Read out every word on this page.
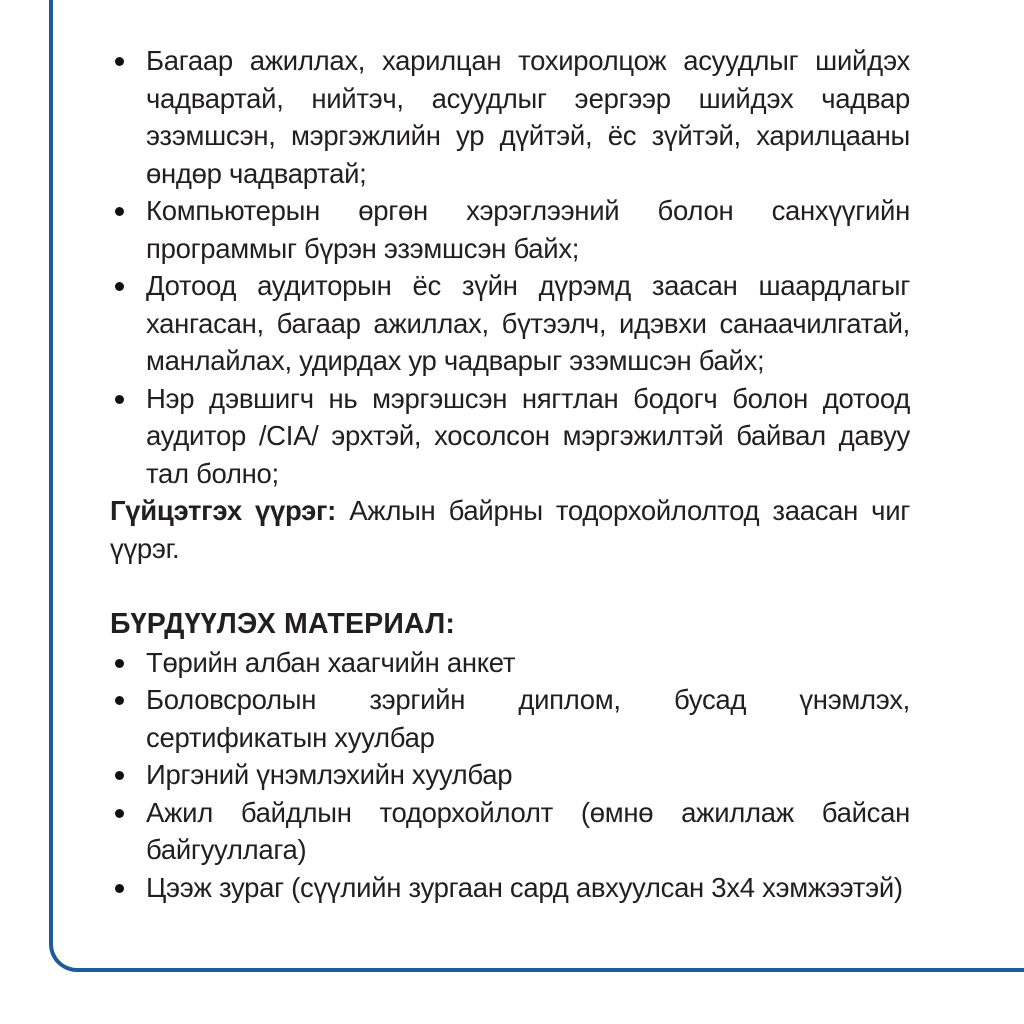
Багаар ажиллах, харилцан тохиролцож асуудлыг шийдэх чадвартай, нийтэч, асуудлыг эергээр шийдэх чадвар эзэмшсэн, мэргэжлийн ур дүйтэй, ёс зүйтэй, харилцааны өндөр чадвартай;
Компьютерын өргөн хэрэглээний болон санхүүгийн программыг бүрэн эзэмшсэн байх;
Дотоод аудиторын ёс зүйн дүрэмд заасан шаардлагыг хангасан, багаар ажиллах, бүтээлч, идэвхи санаачилгатай, манлайлах, удирдах ур чадварыг эзэмшсэн байх;
Нэр дэвшигч нь мэргэшсэн нягтлан бодогч болон дотоод аудитор /CIA/ эрхтэй, хосолсон мэргэжилтэй байвал давуу тал болно;

Гүйцэтгэх үүрэг: Ажлын байрны тодорхойлолтод заасан чиг үүрэг.

БҮРДҮҮЛЭХ МАТЕРИАЛ:
Төрийн албан хаагчийн анкет
Боловсролын зэргийн диплом, бусад үнэмлэх, сертификатын хуулбар
Иргэний үнэмлэхийн хуулбар
Ажил байдлын тодорхойлолт (өмнө ажиллаж байсан байгууллага)
Цээж зураг (сүүлийн зургаан сард авхуулсан 3х4 хэмжээтэй)
